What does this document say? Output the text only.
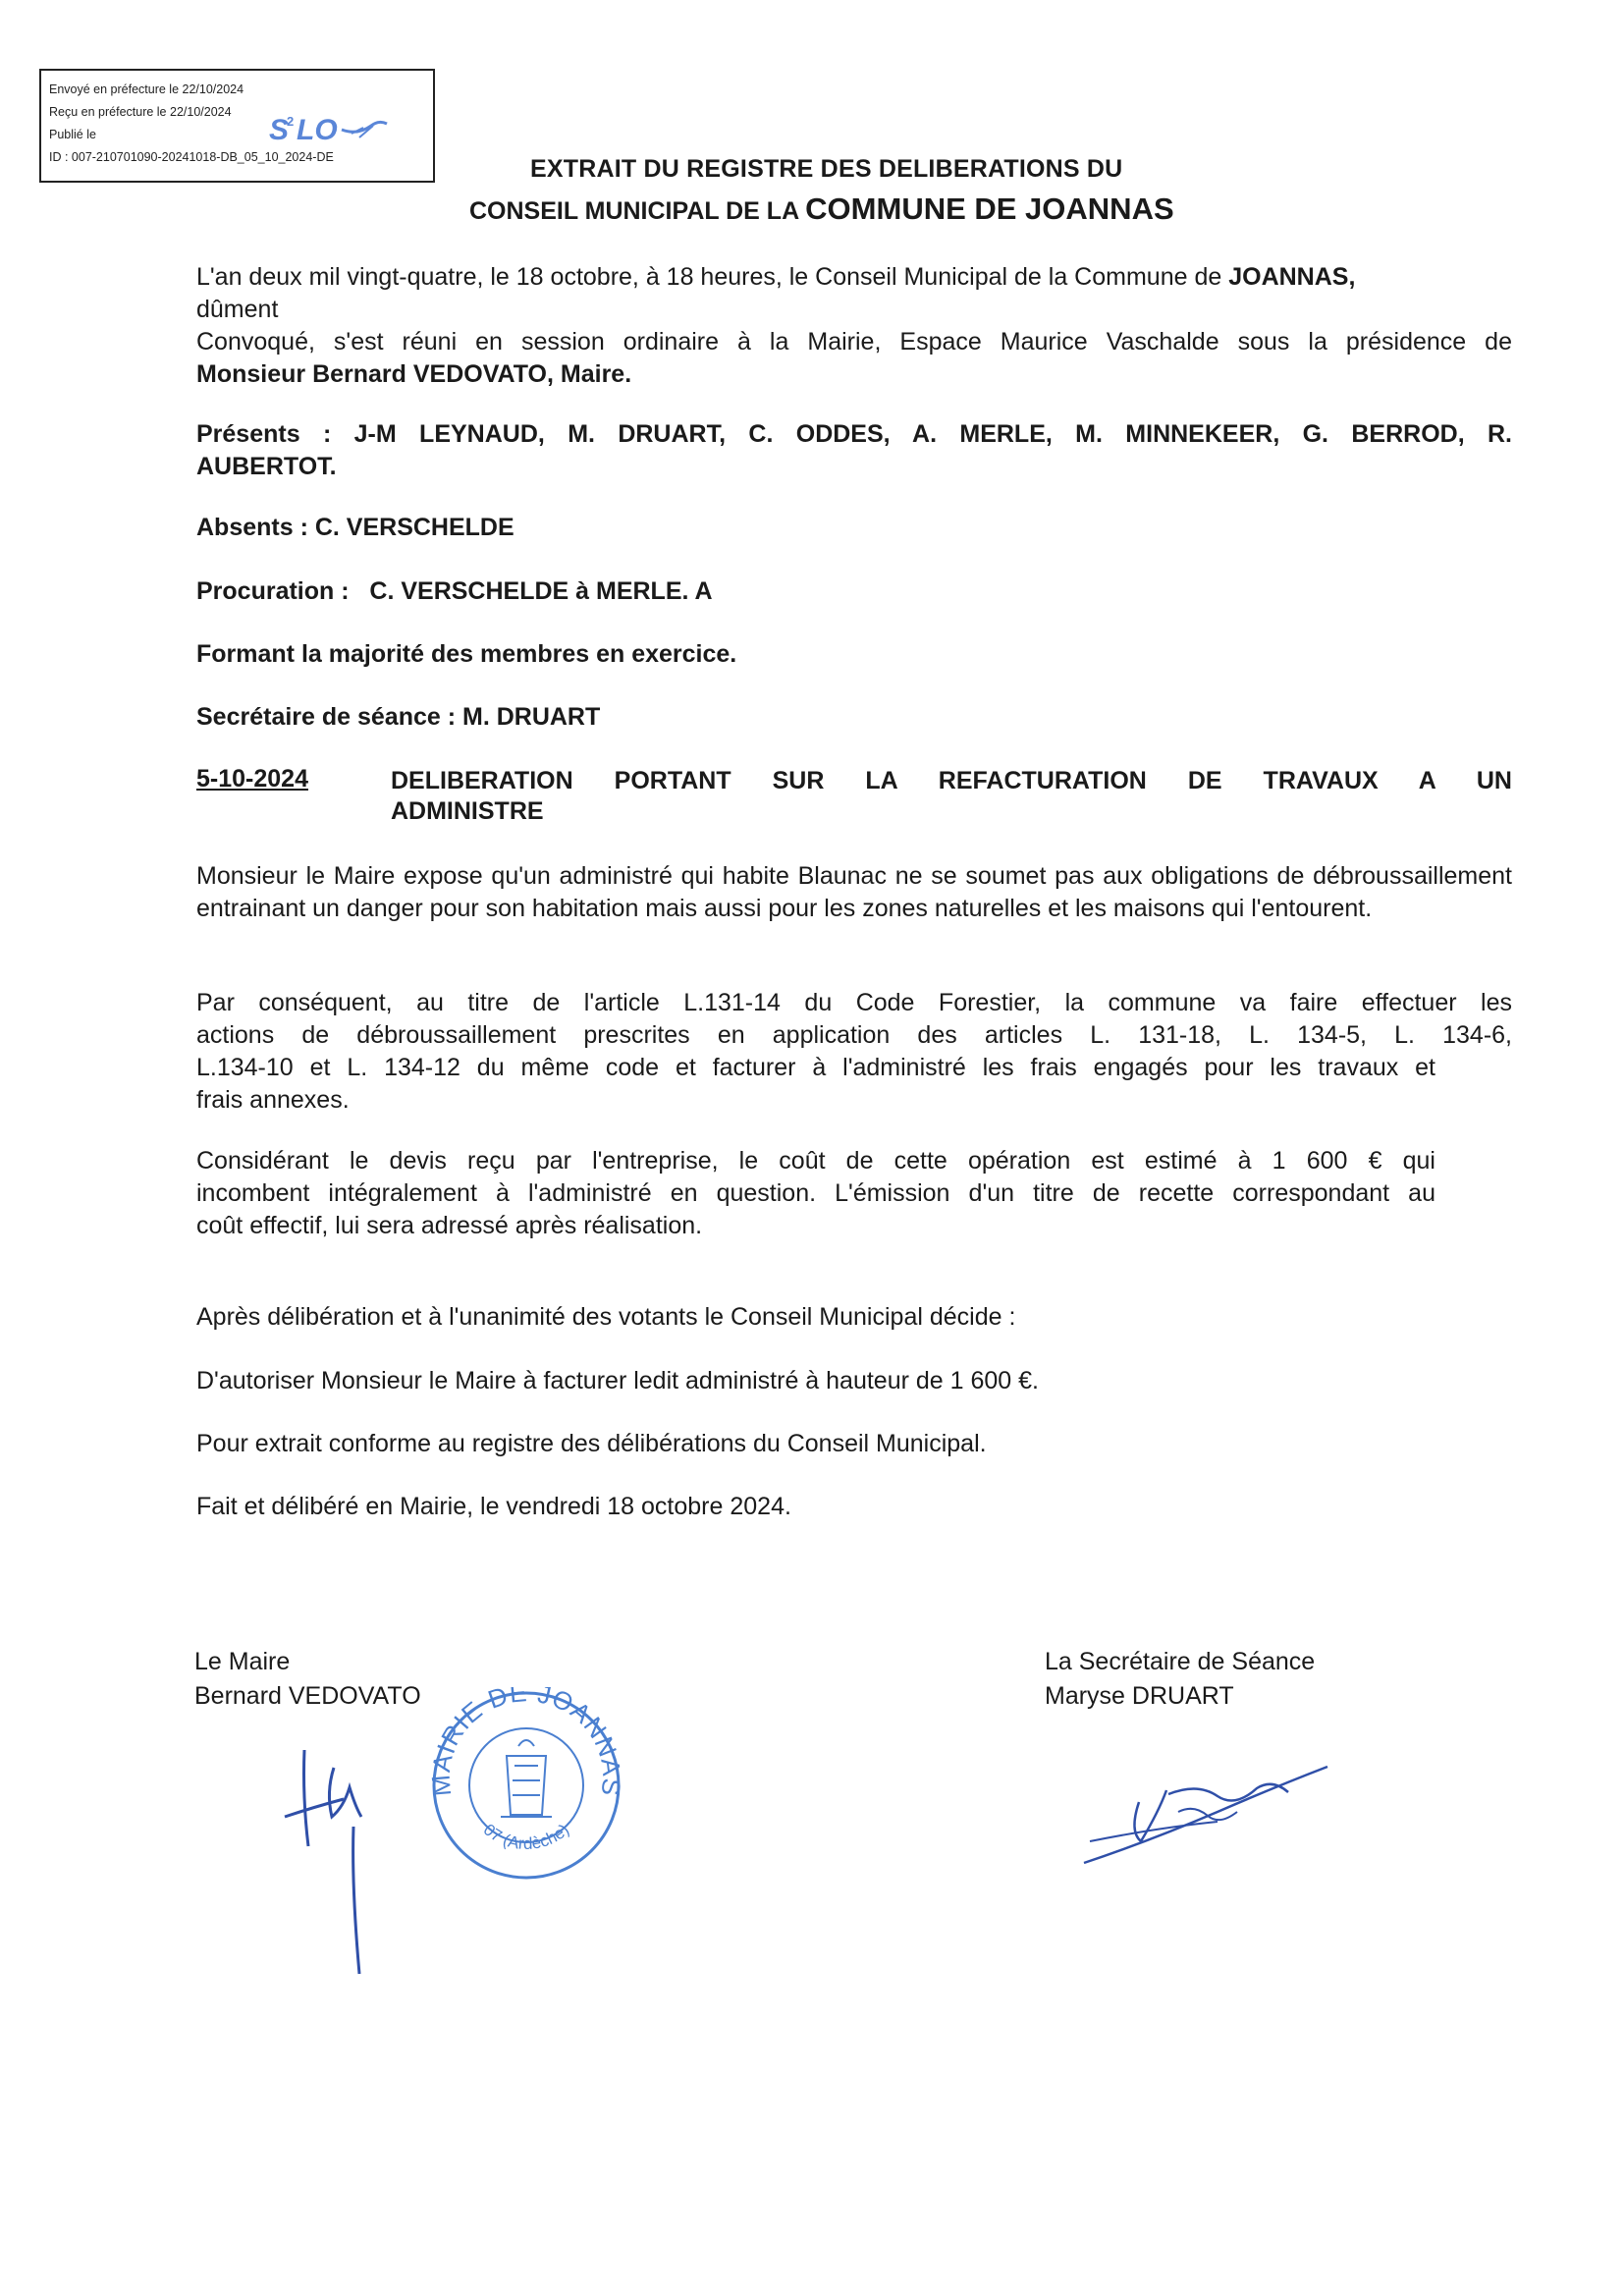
Envoyé en préfecture le 22/10/2024
Reçu en préfecture le 22/10/2024
Publié le
ID : 007-210701090-20241018-DB_05_10_2024-DE
S
2 LO
EXTRAIT DU REGISTRE DES DELIBERATIONS DU
CONSEIL MUNICIPAL DE LA COMMUNE DE JOANNAS
L'an deux mil vingt-quatre, le 18 octobre, à 18 heures, le Conseil Municipal de la Commune de JOANNAS,
dûment
Convoqué, s'est réuni en session ordinaire à la Mairie, Espace Maurice Vaschalde sous la présidence de
Monsieur Bernard VEDOVATO, Maire.
Présents : J-M LEYNAUD, M. DRUART, C. ODDES, A. MERLE, M. MINNEKEER, G. BERROD, R.
AUBERTOT.
Absents : C. VERSCHELDE
Procuration :   C. VERSCHELDE à MERLE. A
Formant la majorité des membres en exercice.
Secrétaire de séance : M. DRUART
5-10-2024	DELIBERATION PORTANT SUR LA REFACTURATION DE TRAVAUX A UN
ADMINISTRE
Monsieur le Maire expose qu'un administré qui habite Blaunac ne se soumet pas aux obligations de débroussaillement entrainant un danger pour son habitation mais aussi pour les zones naturelles et les maisons qui l'entourent.
Par conséquent, au titre de l'article L.131-14 du Code Forestier, la commune va faire effectuer les
actions de débroussaillement prescrites en application des articles L. 131-18, L. 134-5, L. 134-6,
L.134-10 et L. 134-12 du même code et facturer à l'administré les frais engagés pour les travaux et
frais annexes.
Considérant le devis reçu par l'entreprise, le coût de cette opération est estimé à 1 600 € qui
incombent intégralement à l'administré en question. L'émission d'un titre de recette correspondant au
coût effectif, lui sera adressé après réalisation.
Après délibération et à l'unanimité des votants le Conseil Municipal décide :
D'autoriser Monsieur le Maire à facturer ledit administré à hauteur de 1 600 €.
Pour extrait conforme au registre des délibérations du Conseil Municipal.
Fait et délibéré en Mairie, le vendredi 18 octobre 2024.
Le Maire
Bernard VEDOVATO
La Secrétaire de Séance
Maryse DRUART
MAIRIE DE JOANNAS
07 (Ardèche)
